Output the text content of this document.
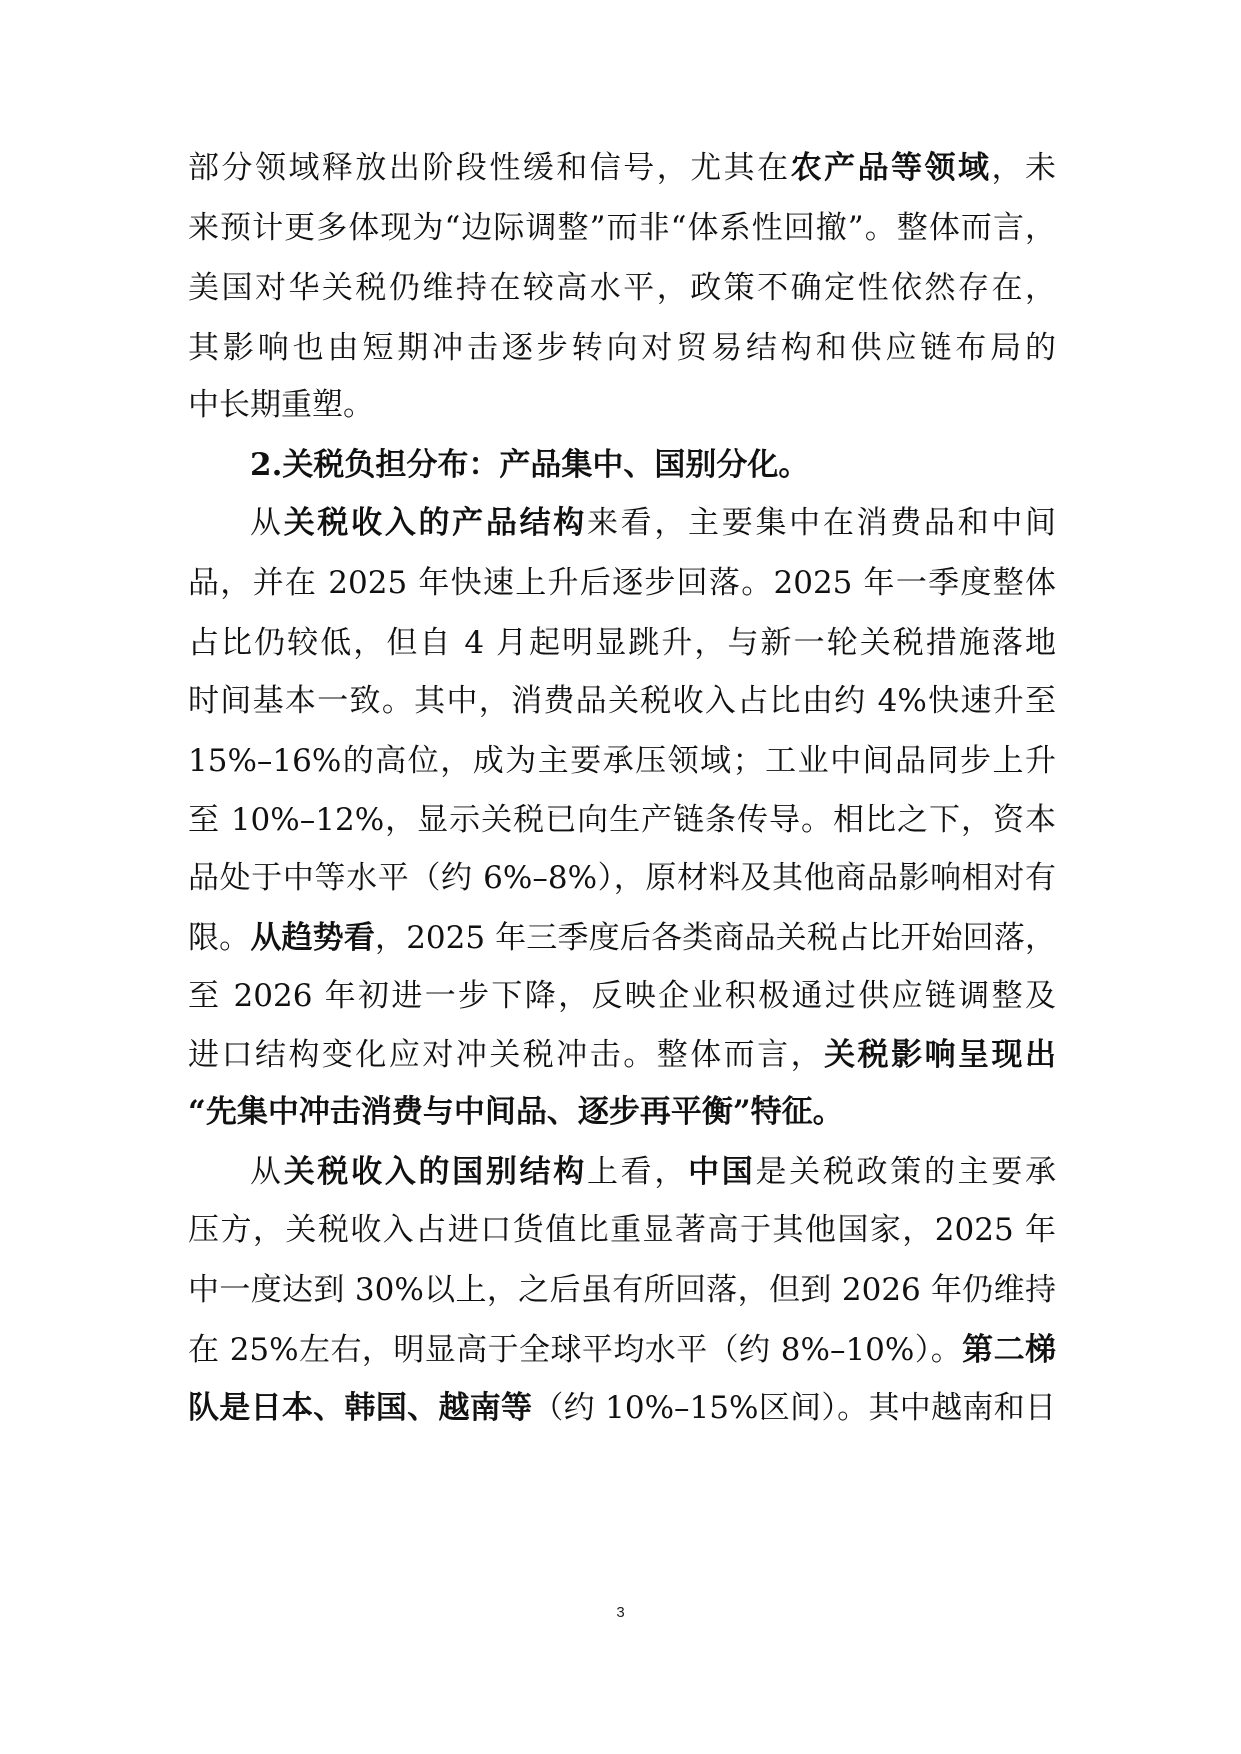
部分领域释放出阶段性缓和信号，尤其在农产品等领域，未
来预计更多体现为“边际调整”而非“体系性回撤”。整体而言，
美国对华关税仍维持在较高水平，政策不确定性依然存在，
其影响也由短期冲击逐步转向对贸易结构和供应链布局的
中长期重塑。
2.关税负担分布：产品集中、国别分化。
从关税收入的产品结构来看，主要集中在消费品和中间
品，并在 2025 年快速上升后逐步回落。2025 年一季度整体
占比仍较低，但自 4 月起明显跳升，与新一轮关税措施落地
时间基本一致。其中，消费品关税收入占比由约 4%快速升至
15%–16%的高位，成为主要承压领域；工业中间品同步上升
至 10%–12%，显示关税已向生产链条传导。相比之下，资本
品处于中等水平（约 6%–8%），原材料及其他商品影响相对有
限。从趋势看，2025 年三季度后各类商品关税占比开始回落，
至 2026 年初进一步下降，反映企业积极通过供应链调整及
进口结构变化应对冲关税冲击。整体而言，关税影响呈现出
“先集中冲击消费与中间品、逐步再平衡”特征。
从关税收入的国别结构上看，中国是关税政策的主要承
压方，关税收入占进口货值比重显著高于其他国家，2025 年
中一度达到 30%以上，之后虽有所回落，但到 2026 年仍维持
在 25%左右，明显高于全球平均水平（约 8%–10%）。第二梯
队是日本、韩国、越南等（约 10%–15%区间）。其中越南和日
3
